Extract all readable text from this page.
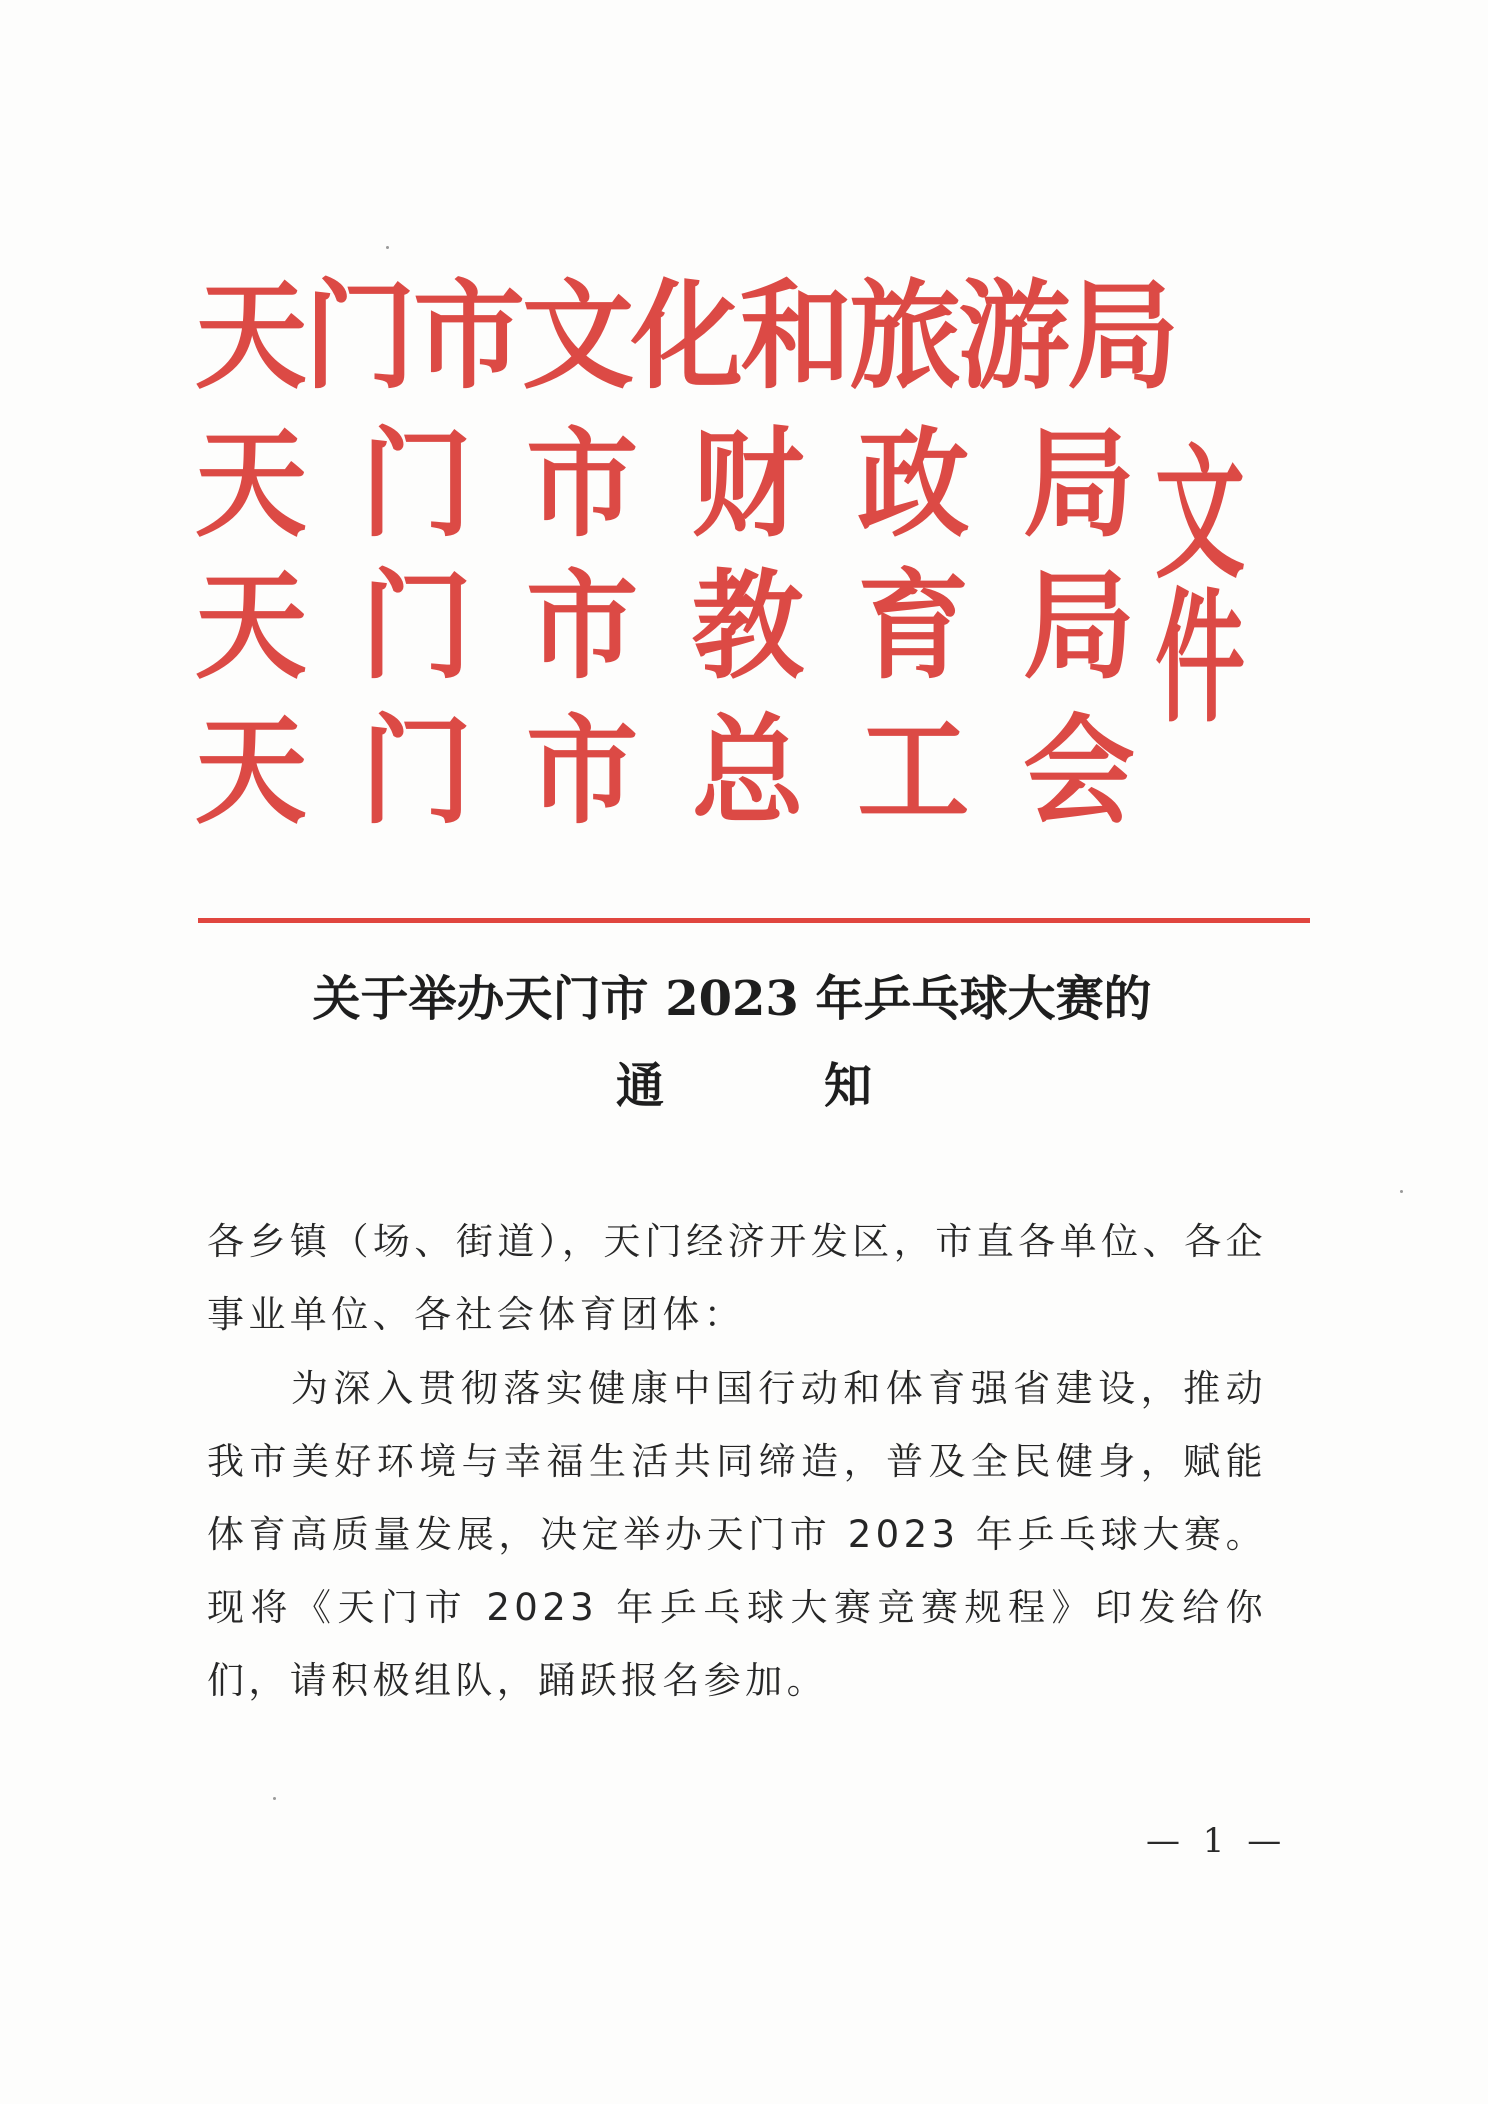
天 门 市 文 化 和 旅 游 局
天 门 市 财 政 局
天 门 市 教 育 局
天 门 市 总 工 会
文件
关于举办天门市 2023 年乒乓球大赛的
通知
各乡镇（场、街道），天门经济开发区，市直各单位、各企事业单位、各社会体育团体：
为深入贯彻落实健康中国行动和体育强省建设，推动我市美好环境与幸福生活共同缔造，普及全民健身，赋能体育高质量发展，决定举办天门市 2023 年乒乓球大赛。现将《天门市 2023 年乒乓球大赛竞赛规程》印发给你们，请积极组队，踊跃报名参加。
— 1 —
